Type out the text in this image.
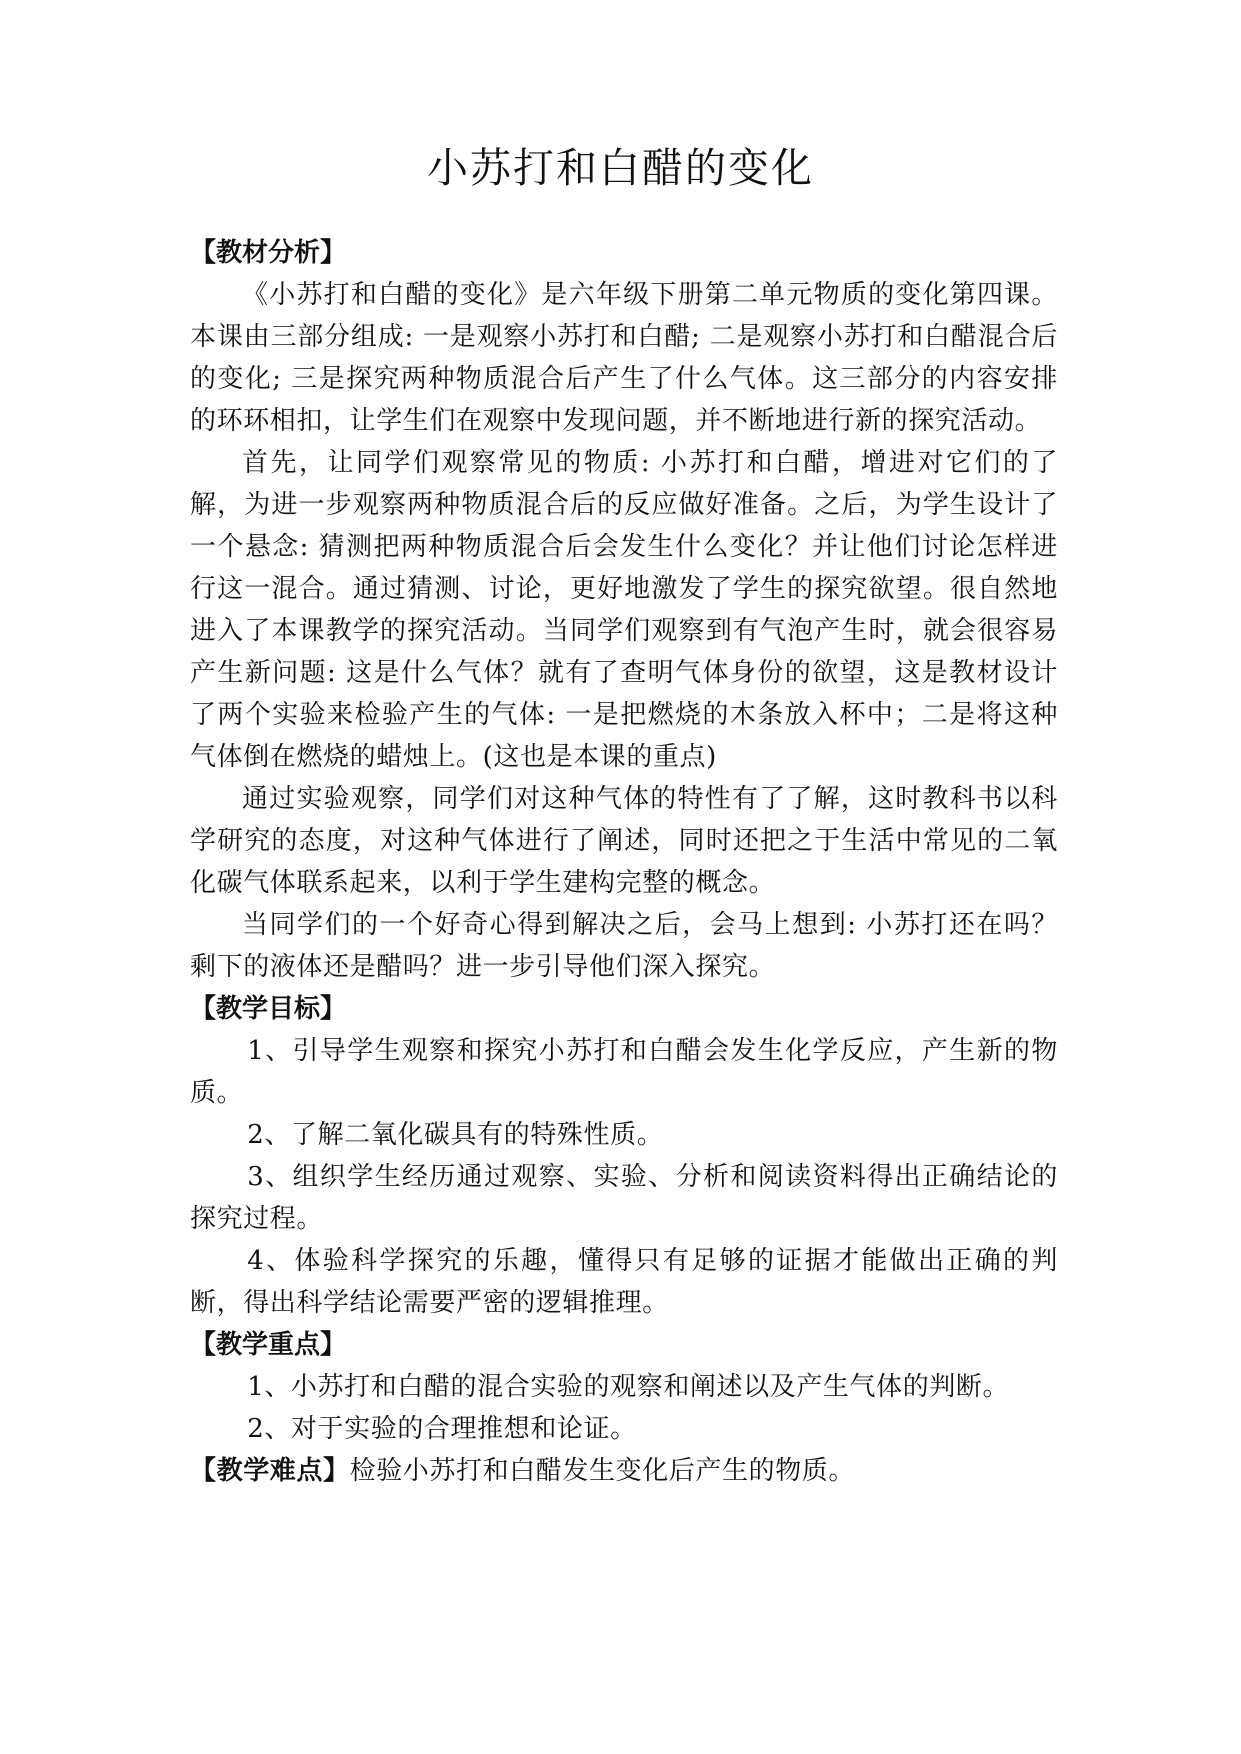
小苏打和白醋的变化

【教材分析】

《小苏打和白醋的变化》是六年级下册第二单元物质的变化第四课。本课由三部分组成: 一是观察小苏打和白醋; 二是观察小苏打和白醋混合后的变化; 三是探究两种物质混合后产生了什么气体。这三部分的内容安排的环环相扣，让学生们在观察中发现问题，并不断地进行新的探究活动。

首先，让同学们观察常见的物质: 小苏打和白醋，增进对它们的了解，为进一步观察两种物质混合后的反应做好准备。之后，为学生设计了一个悬念: 猜测把两种物质混合后会发生什么变化？并让他们讨论怎样进行这一混合。通过猜测、讨论，更好地激发了学生的探究欲望。很自然地进入了本课教学的探究活动。当同学们观察到有气泡产生时，就会很容易产生新问题: 这是什么气体？就有了查明气体身份的欲望，这是教材设计了两个实验来检验产生的气体: 一是把燃烧的木条放入杯中；二是将这种气体倒在燃烧的蜡烛上。(这也是本课的重点)

通过实验观察，同学们对这种气体的特性有了了解，这时教科书以科学研究的态度，对这种气体进行了阐述，同时还把之于生活中常见的二氧化碳气体联系起来，以利于学生建构完整的概念。

当同学们的一个好奇心得到解决之后，会马上想到: 小苏打还在吗？剩下的液体还是醋吗？进一步引导他们深入探究。

【教学目标】

1、引导学生观察和探究小苏打和白醋会发生化学反应，产生新的物质。

2、了解二氧化碳具有的特殊性质。

3、组织学生经历通过观察、实验、分析和阅读资料得出正确结论的探究过程。

4、体验科学探究的乐趣，懂得只有足够的证据才能做出正确的判断，得出科学结论需要严密的逻辑推理。

【教学重点】

1、小苏打和白醋的混合实验的观察和阐述以及产生气体的判断。

2、对于实验的合理推想和论证。

【教学难点】检验小苏打和白醋发生变化后产生的物质。
